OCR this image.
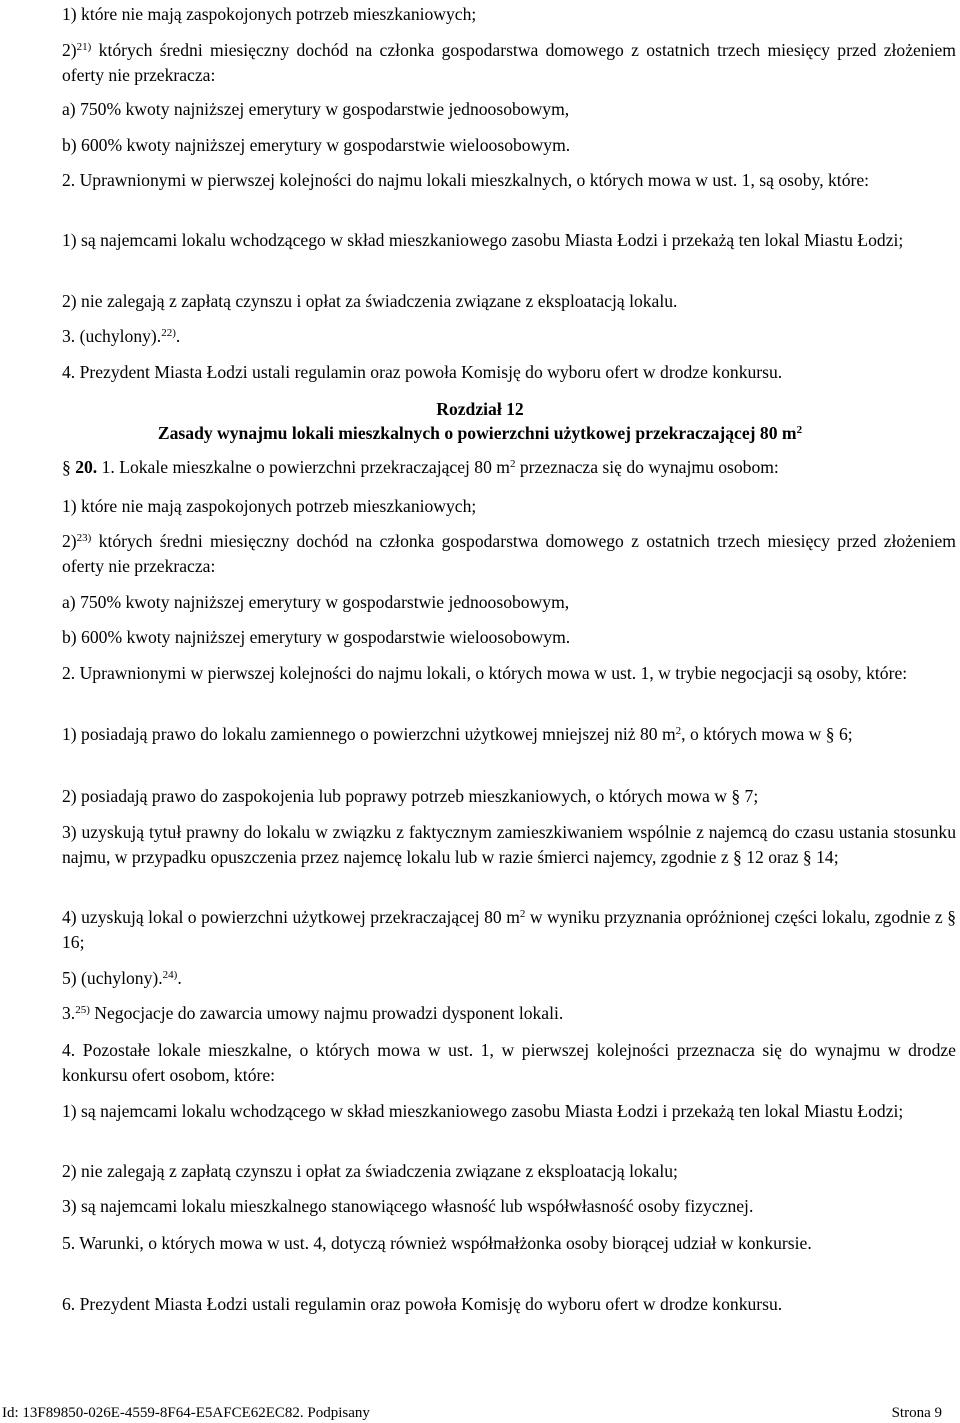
1) które nie mają zaspokojonych potrzeb mieszkaniowych;

2)$^{21)}$ których średni miesięczny dochód na członka gospodarstwa domowego z ostatnich trzech miesięcy przed złożeniem oferty nie przekracza:

a) 750% kwoty najniższej emerytury w gospodarstwie jednoosobowym,

b) 600% kwoty najniższej emerytury w gospodarstwie wieloosobowym.

2. Uprawnionymi w pierwszej kolejności do najmu lokali mieszkalnych, o których mowa w ust. 1, są osoby, które:

1) są najemcami lokalu wchodzącego w skład mieszkaniowego zasobu Miasta Łodzi i przekażą ten lokal Miastu Łodzi;

2) nie zalegają z zapłatą czynszu i opłat za świadczenia związane z eksploatacją lokalu.

3. (uchylony).$^{22)}$.

4. Prezydent Miasta Łodzi ustali regulamin oraz powoła Komisję do wyboru ofert w drodze konkursu.

Rozdział 12

Zasady wynajmu lokali mieszkalnych o powierzchni użytkowej przekraczającej 80 $m^2$

§ 20. 1. Lokale mieszkalne o powierzchni przekraczającej 80 $m^2$ przeznacza się do wynajmu osobom:

1) które nie mają zaspokojonych potrzeb mieszkaniowych;

2)$^{23)}$ których średni miesięczny dochód na członka gospodarstwa domowego z ostatnich trzech miesięcy przed złożeniem oferty nie przekracza:

a) 750% kwoty najniższej emerytury w gospodarstwie jednoosobowym,

b) 600% kwoty najniższej emerytury w gospodarstwie wieloosobowym.

2. Uprawnionymi w pierwszej kolejności do najmu lokali, o których mowa w ust. 1, w trybie negocjacji są osoby, które:

1) posiadają prawo do lokalu zamiennego o powierzchni użytkowej mniejszej niż 80 $m^2$, o których mowa w § 6;

2) posiadają prawo do zaspokojenia lub poprawy potrzeb mieszkaniowych, o których mowa w § 7;

3) uzyskują tytuł prawny do lokalu w związku z faktycznym zamieszkiwaniem wspólnie z najemcą do czasu ustania stosunku najmu, w przypadku opuszczenia przez najemcę lokalu lub w razie śmierci najemcy, zgodnie z § 12 oraz § 14;

4) uzyskują lokal o powierzchni użytkowej przekraczającej 80 $m^2$ w wyniku przyznania opróżnionej części lokalu, zgodnie z § 16;

5) (uchylony).$^{24)}$.

3.$^{25)}$ Negocjacje do zawarcia umowy najmu prowadzi dysponent lokali.

4. Pozostałe lokale mieszkalne, o których mowa w ust. 1, w pierwszej kolejności przeznacza się do wynajmu w drodze konkursu ofert osobom, które:

1) są najemcami lokalu wchodzącego w skład mieszkaniowego zasobu Miasta Łodzi i przekażą ten lokal Miastu Łodzi;

2) nie zalegają z zapłatą czynszu i opłat za świadczenia związane z eksploatacją lokalu;

3) są najemcami lokalu mieszkalnego stanowiącego własność lub współwłasność osoby fizycznej.

5. Warunki, o których mowa w ust. 4, dotyczą również współmałżonka osoby biorącej udział w konkursie.

6. Prezydent Miasta Łodzi ustali regulamin oraz powoła Komisję do wyboru ofert w drodze konkursu.

Id: 13F89850-026E-4559-8F64-E5AFCE62EC82. Podpisany	Strona 9
